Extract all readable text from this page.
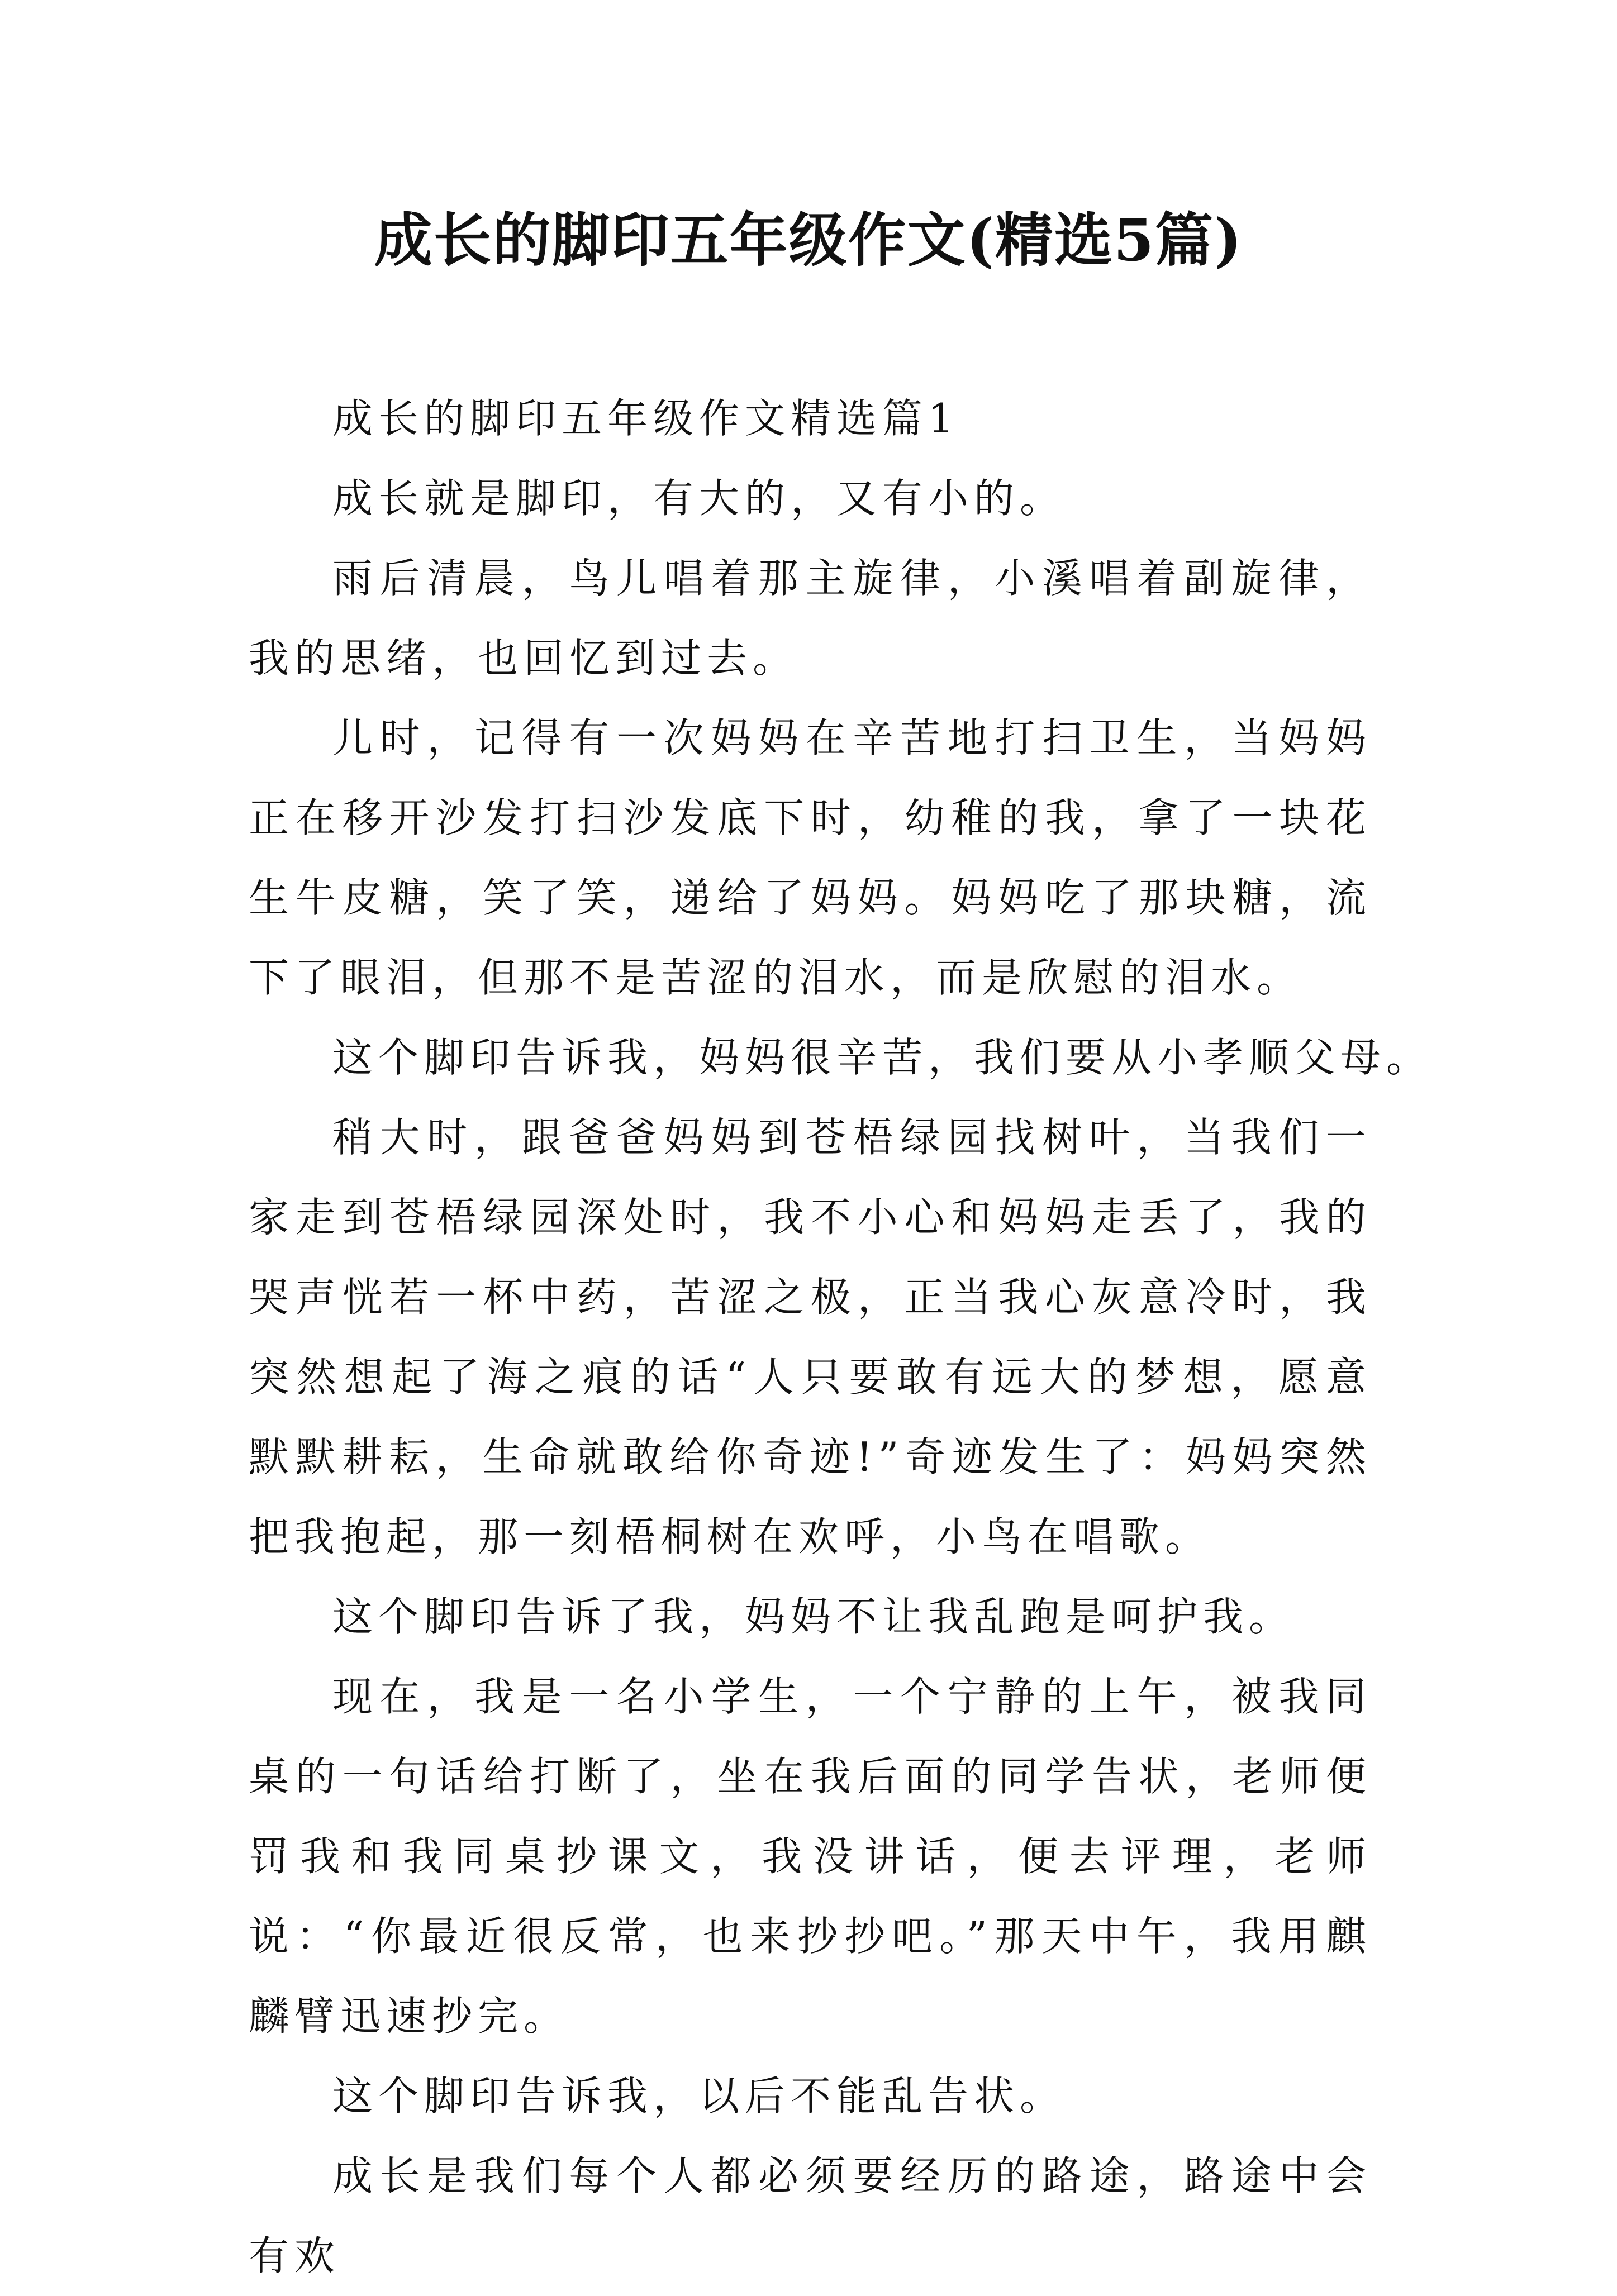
成长的脚印五年级作文(精选5篇)

成长的脚印五年级作文精选篇1

成长就是脚印，有大的，又有小的。

雨后清晨，鸟儿唱着那主旋律，小溪唱着副旋律，我的思绪，也回忆到过去。

儿时，记得有一次妈妈在辛苦地打扫卫生，当妈妈正在移开沙发打扫沙发底下时，幼稚的我，拿了一块花生牛皮糖，笑了笑，递给了妈妈。妈妈吃了那块糖，流下了眼泪，但那不是苦涩的泪水，而是欣慰的泪水。

这个脚印告诉我，妈妈很辛苦，我们要从小孝顺父母。

稍大时，跟爸爸妈妈到苍梧绿园找树叶，当我们一家走到苍梧绿园深处时，我不小心和妈妈走丢了，我的哭声恍若一杯中药，苦涩之极，正当我心灰意冷时，我突然想起了海之痕的话“人只要敢有远大的梦想，愿意默默耕耘，生命就敢给你奇迹!”奇迹发生了：妈妈突然把我抱起，那一刻梧桐树在欢呼，小鸟在唱歌。

这个脚印告诉了我，妈妈不让我乱跑是呵护我。

现在，我是一名小学生，一个宁静的上午，被我同桌的一句话给打断了，坐在我后面的同学告状，老师便罚我和我同桌抄课文，我没讲话，便去评理，老师说：“你最近很反常，也来抄抄吧。”那天中午，我用麒麟臂迅速抄完。

这个脚印告诉我，以后不能乱告状。

成长是我们每个人都必须要经历的路途，路途中会有欢
